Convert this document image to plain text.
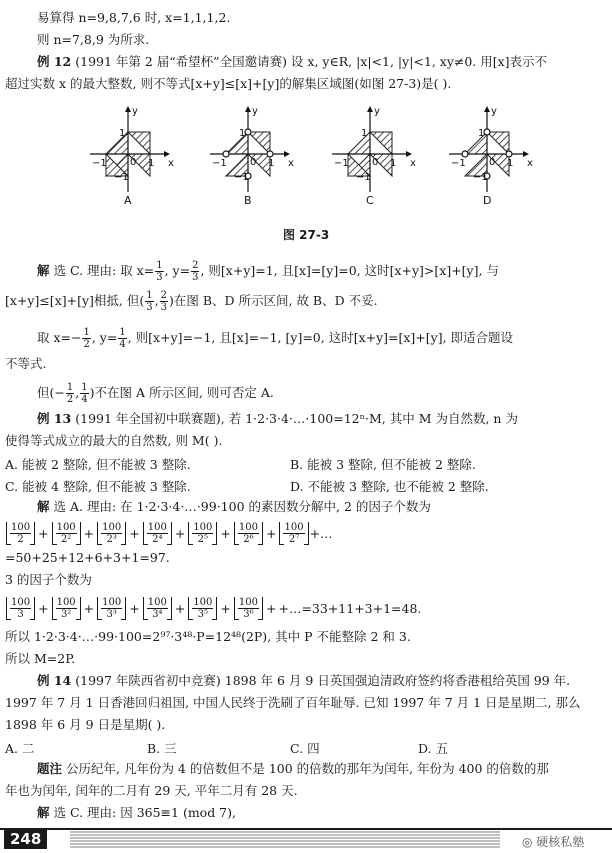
易算得 n=9,8,7,6 时, x=1,1,1,2.
则 n=7,8,9 为所求.
例 12 (1991 年第 2 届“希望杯”全国邀请赛) 设 x, y∈R, |x|<1, |y|<1, xy≠0. 用[x]表示不
超过实数 x 的最大整数, 则不等式[x+y]≤[x]+[y]的解集区域图(如图 27-3)是( ).
y
x
1
1
−1
−1
0
A
y
x
1
1
−1
−1
0
B
y
x
1
1
−1
−1
0
C
y
x
1
1
−1
−1
0
D
图 27-3
解 选 C. 理由: 取 $x= \frac{1}{3}$ , $y= \frac{2}{3}$ , 则[x+y]=1, 且[x]=[y]=0, 这时[x+y]>[x]+[y], 与
[x+y]≤[x]+[y]相抵, 但( $\frac{1}{3}$ , $\frac{2}{3}$ )在图 B、D 所示区间, 故 B、D 不妥.
取 $x=- \frac{1}{2}$ , $y= \frac{1}{4}$ , 则[x+y]=−1, 且[x]=−1, [y]=0, 这时[x+y]=[x]+[y], 即适合题设
不等式.
但(− $\frac{1}{2}$ , $\frac{1}{4}$ )不在图 A 所示区间, 则可否定 A.
例 13 (1991 年全国初中联赛题), 若 1·2·3·4·…·100=12ⁿ·M, 其中 M 为自然数, n 为
使得等式成立的最大的自然数, 则 M( ).
A. 能被 2 整除, 但不能被 3 整除.	B. 能被 3 整除, 但不能被 2 整除.
C. 能被 4 整除, 但不能被 3 整除.	D. 不能被 3 整除, 也不能被 2 整除.
解 选 A. 理由: 在 1·2·3·4·…·99·100 的素因数分解中, 2 的因子个数为
$\frac{100}{2} + \frac{100}{\text{2²}} + \frac{100}{\text{2³}} + \frac{100}{\text{2⁴}} + \frac{100}{\text{2⁵}} + \frac{100}{\text{2⁶}} + \frac{100}{\text{2⁷}}$ +…
=50+25+12+6+3+1=97.
3 的因子个数为
$\frac{100}{3} + \frac{100}{\text{3²}} + \frac{100}{\text{3³}} + \frac{100}{\text{3⁴}} + \frac{100}{\text{3⁵}} + \frac{100}{\text{3⁶}}$ + +…=33+11+3+1=48.
所以 1·2·3·4·…·99·100=2⁹⁷·3⁴⁸·P=12⁴⁸(2P), 其中 P 不能整除 2 和 3.
所以 M=2P.
例 14 (1997 年陕西省初中竞赛) 1898 年 6 月 9 日英国强迫清政府签约将香港租给英国 99 年.
1997 年 7 月 1 日香港回归祖国, 中国人民终于洗刷了百年耻辱. 已知 1997 年 7 月 1 日是星期二, 那么
1898 年 6 月 9 日是星期( ).
A. 二	B. 三	C. 四	D. 五
题注 公历纪年, 凡年份为 4 的倍数但不是 100 的倍数的那年为闰年, 年份为 400 的倍数的那
年也为闰年, 闰年的二月有 29 天, 平年二月有 28 天.
解 选 C. 理由: 因 365≡1 (mod 7),
248	◎ 硬核私塾
